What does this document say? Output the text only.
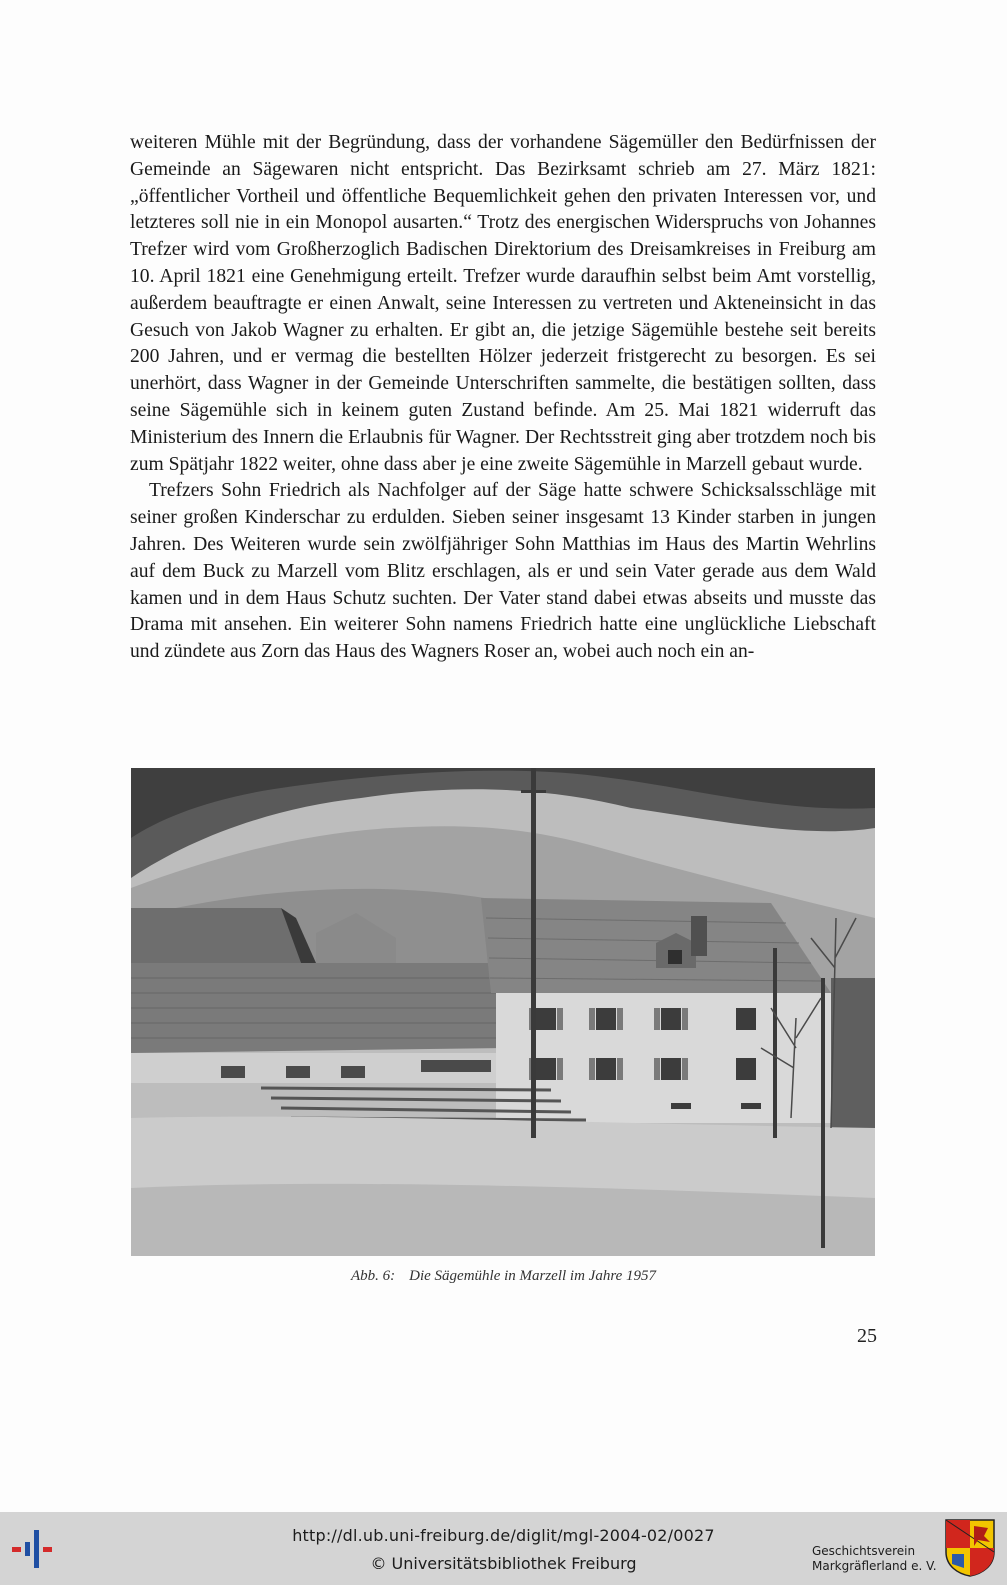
weiteren Mühle mit der Begründung, dass der vorhandene Sägemüller den Bedürfnissen der Gemeinde an Sägewaren nicht entspricht. Das Bezirksamt schrieb am 27. März 1821: „öffentlicher Vortheil und öffentliche Bequemlichkeit gehen den privaten Interessen vor, und letzteres soll nie in ein Monopol ausarten.“ Trotz des energischen Widerspruchs von Johannes Trefzer wird vom Großherzoglich Badischen Direktorium des Dreisamkreises in Freiburg am 10. April 1821 eine Genehmigung erteilt. Trefzer wurde daraufhin selbst beim Amt vorstellig, außerdem beauftragte er einen Anwalt, seine Interessen zu vertreten und Akteneinsicht in das Gesuch von Jakob Wagner zu erhalten. Er gibt an, die jetzige Sägemühle bestehe seit bereits 200 Jahren, und er vermag die bestellten Hölzer jederzeit fristgerecht zu besorgen. Es sei unerhört, dass Wagner in der Gemeinde Unterschriften sammelte, die bestätigen sollten, dass seine Sägemühle sich in keinem guten Zustand befinde. Am 25. Mai 1821 widerruft das Ministerium des Innern die Erlaubnis für Wagner. Der Rechtsstreit ging aber trotzdem noch bis zum Spätjahr 1822 weiter, ohne dass aber je eine zweite Sägemühle in Marzell gebaut wurde.

Trefzers Sohn Friedrich als Nachfolger auf der Säge hatte schwere Schicksalsschläge mit seiner großen Kinderschar zu erdulden. Sieben seiner insgesamt 13 Kinder starben in jungen Jahren. Des Weiteren wurde sein zwölfjähriger Sohn Matthias im Haus des Martin Wehrlins auf dem Buck zu Marzell vom Blitz erschlagen, als er und sein Vater gerade aus dem Wald kamen und in dem Haus Schutz suchten. Der Vater stand dabei etwas abseits und musste das Drama mit ansehen. Ein weiterer Sohn namens Friedrich hatte eine unglückliche Liebschaft und zündete aus Zorn das Haus des Wagners Roser an, wobei auch noch ein an-

Abb. 6: Die Sägemühle in Marzell im Jahre 1957
25
http://dl.ub.uni-freiburg.de/diglit/mgl-2004-02/0027
© Universitätsbibliothek Freiburg
Geschichtsverein
Markgräflerland e. V.
